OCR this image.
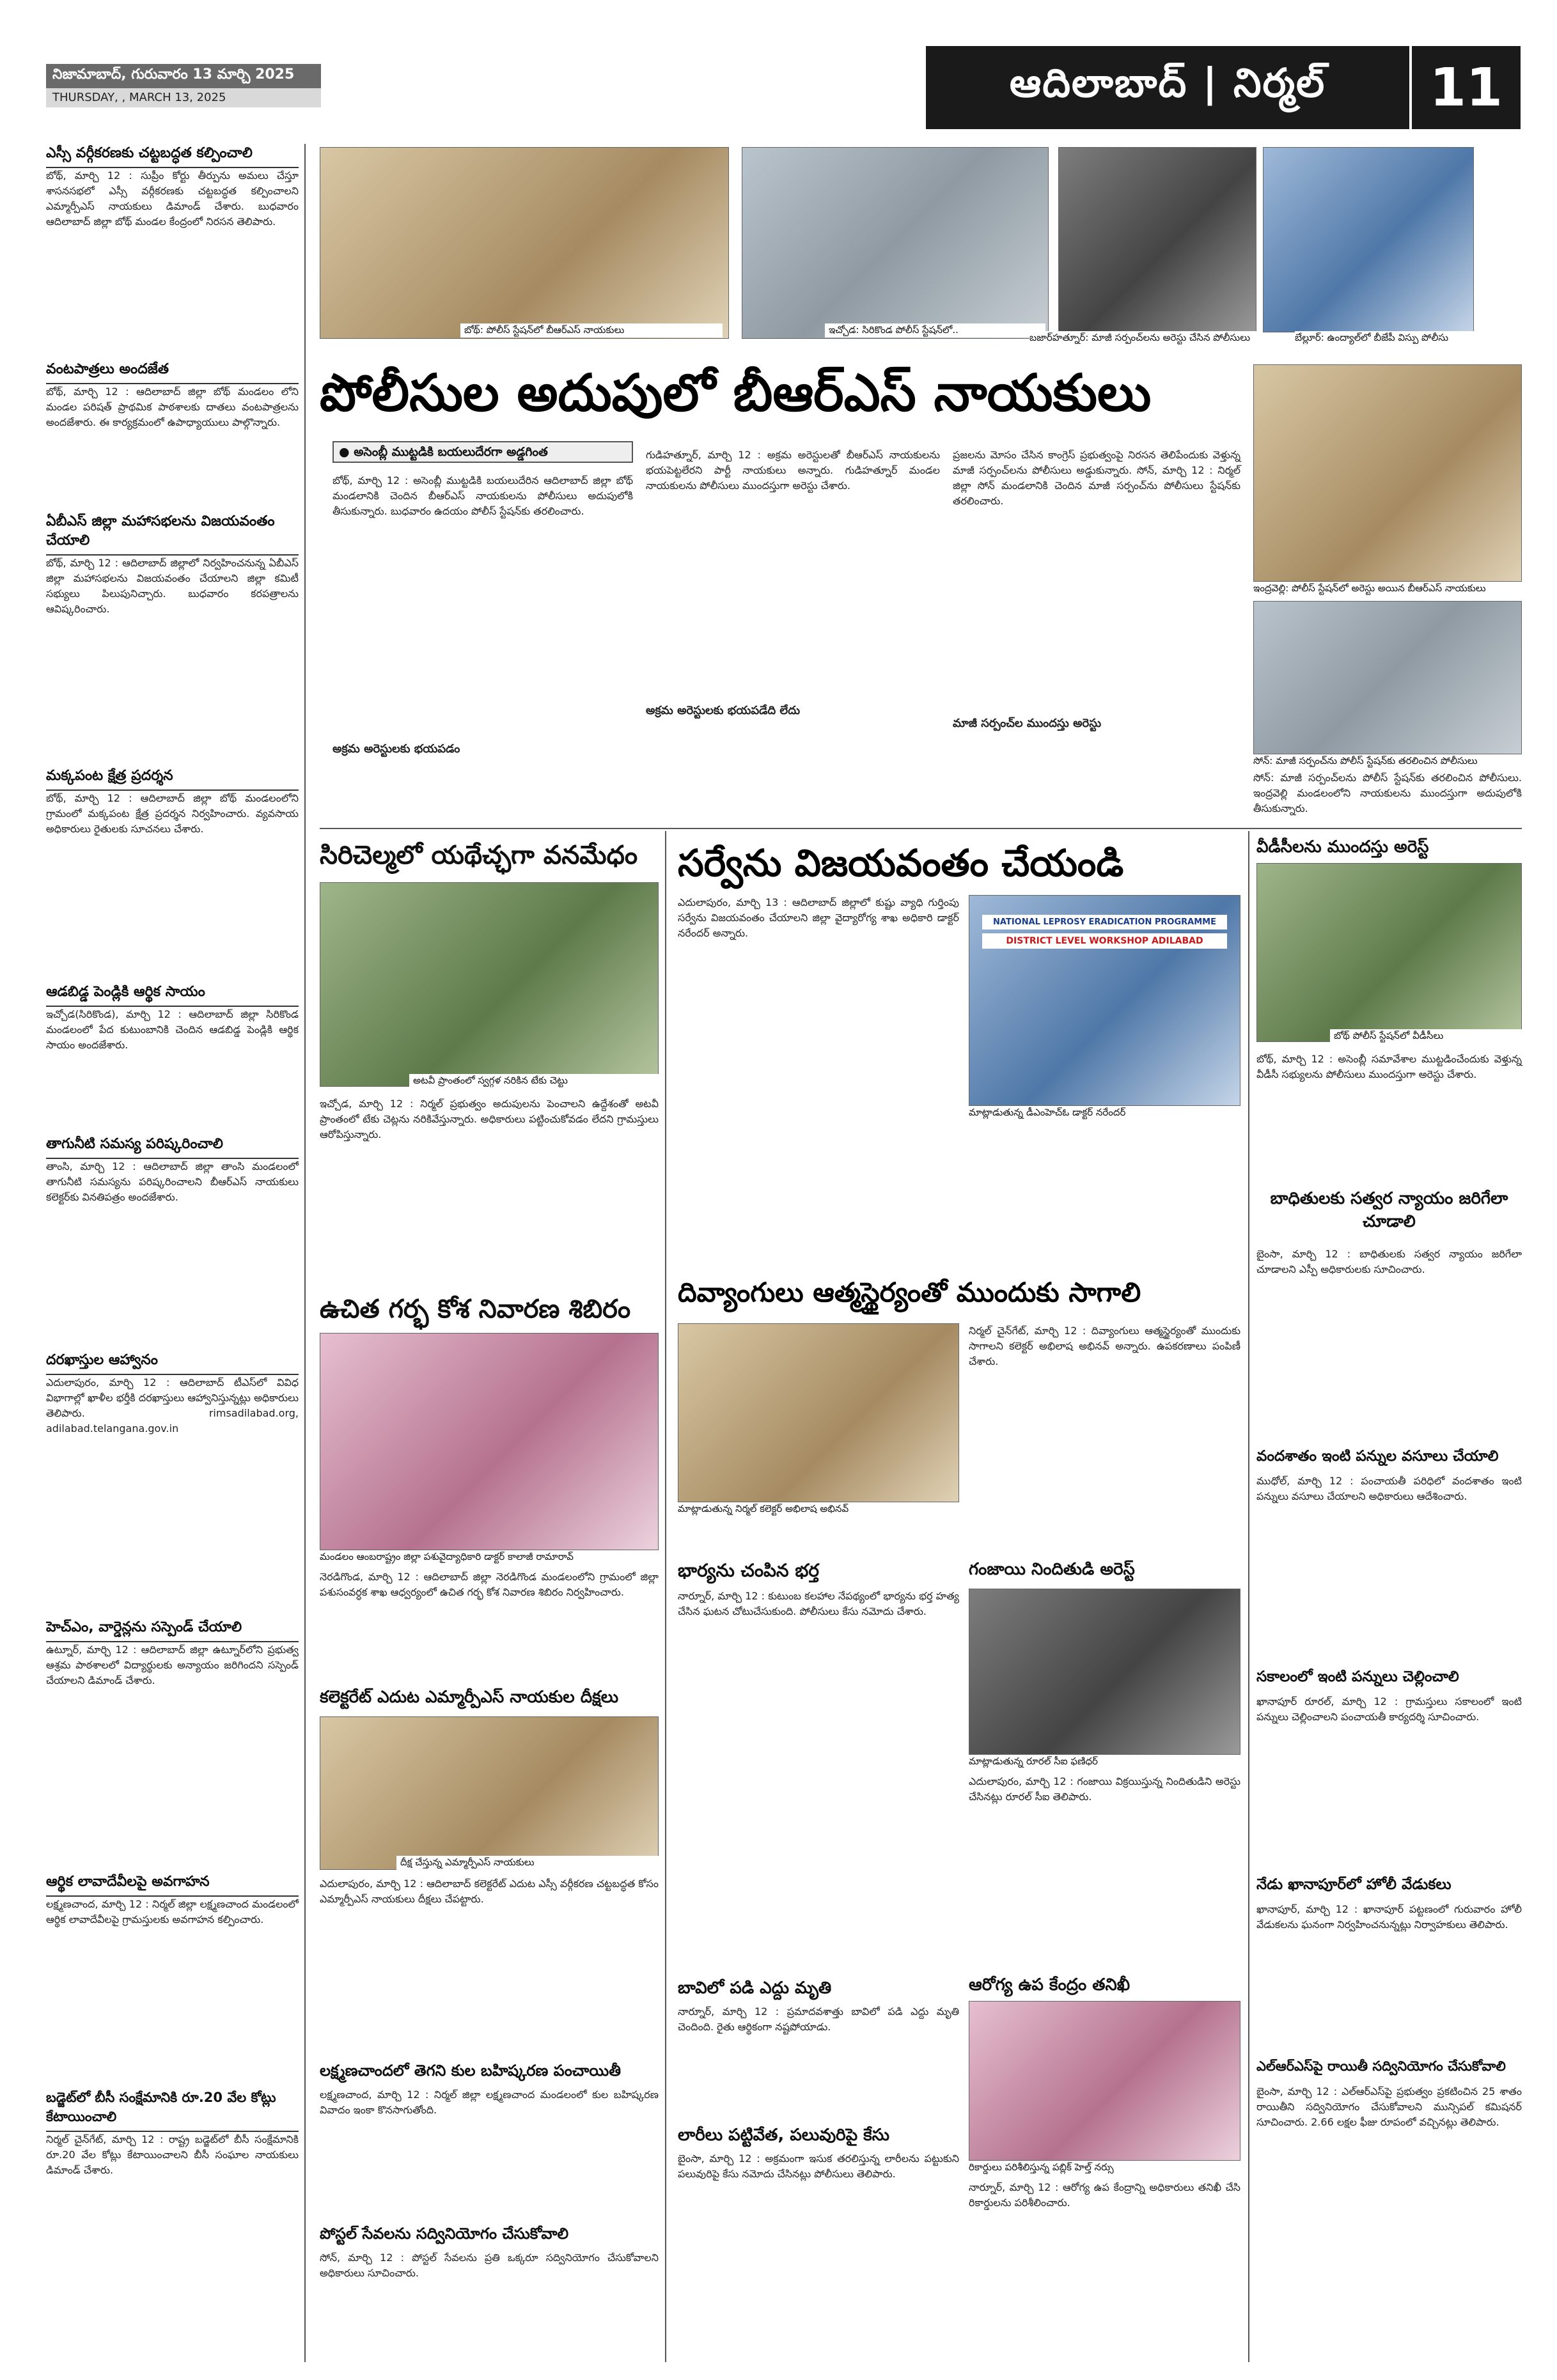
నిజామాబాద్, గురువారం 13 మార్చి 2025
THURSDAY, , MARCH 13, 2025	ఆదిలాబాద్ | నిర్మల్	11
ఎస్సీ వర్గీకరణకు చట్టబద్ధత కల్పించాలి
బోథ్, మార్చి 12 : సుప్రీం కోర్టు తీర్పును అమలు చేస్తూ శాసనసభలో ఎస్సీ వర్గీకరణకు చట్టబద్ధత కల్పించాలని ఎమ్మార్పీఎస్ నాయకులు డిమాండ్ చేశారు. బుధవారం ఆదిలాబాద్ జిల్లా బోథ్ మండల కేంద్రంలో నిరసన తెలిపారు.
వంటపాత్రలు అందజేత
బోథ్, మార్చి 12 : ఆదిలాబాద్ జిల్లా బోథ్ మండలం లోని మండల పరిషత్ ప్రాథమిక పాఠశాలకు దాతలు వంటపాత్రలను అందజేశారు. ఈ కార్యక్రమంలో ఉపాధ్యాయులు పాల్గొన్నారు.
ఏబీఎస్ జిల్లా మహాసభలను విజయవంతం చేయాలి
బోథ్, మార్చి 12 : ఆదిలాబాద్ జిల్లాలో నిర్వహించనున్న ఏబీఎస్ జిల్లా మహాసభలను విజయవంతం చేయాలని జిల్లా కమిటీ సభ్యులు పిలుపునిచ్చారు. బుధవారం కరపత్రాలను ఆవిష్కరించారు.
మక్కపంట క్షేత్ర ప్రదర్శన
బోథ్, మార్చి 12 : ఆదిలాబాద్ జిల్లా బోథ్ మండలంలోని గ్రామంలో మక్కపంట క్షేత్ర ప్రదర్శన నిర్వహించారు. వ్యవసాయ అధికారులు రైతులకు సూచనలు చేశారు.
ఆడబిడ్డ పెండ్లికి ఆర్థిక సాయం
ఇచ్చోడ(సిరికొండ), మార్చి 12 : ఆదిలాబాద్ జిల్లా సిరికొండ మండలంలో పేద కుటుంబానికి చెందిన ఆడబిడ్డ పెండ్లికి ఆర్థిక సాయం అందజేశారు.
తాగునీటి సమస్య పరిష్కరించాలి
తాంసి, మార్చి 12 : ఆదిలాబాద్ జిల్లా తాంసి మండలంలో తాగునీటి సమస్యను పరిష్కరించాలని బీఆర్ఎస్ నాయకులు కలెక్టర్‌కు వినతిపత్రం అందజేశారు.
దరఖాస్తుల ఆహ్వానం
ఎదులాపురం, మార్చి 12 : ఆదిలాబాద్ టీఎస్‌లో వివిధ విభాగాల్లో ఖాళీల భర్తీకి దరఖాస్తులు ఆహ్వానిస్తున్నట్లు అధికారులు తెలిపారు. rimsadilabad.org, adilabad.telangana.gov.in
హెచ్ఎం, వార్డెన్లను సస్పెండ్ చేయాలి
ఉట్నూర్, మార్చి 12 : ఆదిలాబాద్ జిల్లా ఉట్నూర్‌లోని ప్రభుత్వ ఆశ్రమ పాఠశాలలో విద్యార్థులకు అన్యాయం జరిగిందని సస్పెండ్ చేయాలని డిమాండ్ చేశారు.
ఆర్థిక లావాదేవీలపై అవగాహన
లక్ష్మణచాంద, మార్చి 12 : నిర్మల్ జిల్లా లక్ష్మణచాంద మండలంలో ఆర్థిక లావాదేవీలపై గ్రామస్తులకు అవగాహన కల్పించారు.
బడ్జెట్‌లో బీసీ సంక్షేమానికి రూ.20 వేల కోట్లు కేటాయించాలి
నిర్మల్ చైన్‌గేట్, మార్చి 12 : రాష్ట్ర బడ్జెట్‌లో బీసీ సంక్షేమానికి రూ.20 వేల కోట్లు కేటాయించాలని బీసీ సంఘాల నాయకులు డిమాండ్ చేశారు.
బోథ్: పోలీస్ స్టేషన్‌లో బీఆర్ఎస్ నాయకులు	ఇచ్చోడ: సిరికొండ పోలీస్ స్టేషన్‌లో..
బజార్‌హత్నూర్: మాజీ సర్పంచ్‌లను అరెస్టు చేసిన పోలీసులు	బేల్లూర్: ఉంద్యాల్‌లో బీజేపీ విస్పు పోలీసు
పోలీసుల అదుపులో బీఆర్ఎస్ నాయకులు
● అసెంబ్లీ ముట్టడికి బయలుదేరగా అడ్డగింత
బోథ్, మార్చి 12 : అసెంబ్లీ ముట్టడికి బయలుదేరిన ఆదిలాబాద్ జిల్లా బోథ్ మండలానికి చెందిన బీఆర్ఎస్ నాయకులను పోలీసులు అదుపులోకి తీసుకున్నారు. బుధవారం ఉదయం పోలీస్ స్టేషన్‌కు తరలించారు.
అక్రమ అరెస్టులకు భయపడం
గుడిహత్నూర్, మార్చి 12 : అక్రమ అరెస్టులతో బీఆర్ఎస్ నాయకులను భయపెట్టలేరని పార్టీ నాయకులు అన్నారు. గుడిహత్నూర్ మండల నాయకులను పోలీసులు ముందస్తుగా అరెస్టు చేశారు.
అక్రమ అరెస్టులకు భయపడేది లేదు
ప్రజలను మోసం చేసిన కాంగ్రెస్ ప్రభుత్వంపై నిరసన తెలిపేందుకు వెళ్తున్న మాజీ సర్పంచ్‌లను పోలీసులు అడ్డుకున్నారు. సోన్, మార్చి 12 : నిర్మల్ జిల్లా సోన్ మండలానికి చెందిన మాజీ సర్పంచ్‌ను పోలీసులు స్టేషన్‌కు తరలించారు.
మాజీ సర్పంచ్‌ల ముందస్తు అరెస్టు
ఇంద్రవెల్లి: పోలీస్ స్టేషన్‌లో అరెస్టు అయిన బీఆర్ఎస్ నాయకులు
సోన్: మాజీ సర్పంచ్‌ను పోలీస్ స్టేషన్‌కు తరలించిన పోలీసులు
సోన్: మాజీ సర్పంచ్‌లను పోలీస్ స్టేషన్‌కు తరలించిన పోలీసులు. ఇంద్రవెల్లి మండలంలోని నాయకులను ముందస్తుగా అదుపులోకి తీసుకున్నారు.
సిరిచెల్మలో యథేచ్ఛగా వనమేధం
అటవీ ప్రాంతంలో స్వగ్గళ నరికిన టేకు చెట్టు
ఇచ్చోడ, మార్చి 12 : నిర్మల్ ప్రభుత్వం అదుపులను పెంచాలని ఉద్దేశంతో అటవీ ప్రాంతంలో టేకు చెట్లను నరికివేస్తున్నారు. అధికారులు పట్టించుకోవడం లేదని గ్రామస్తులు ఆరోపిస్తున్నారు.
ఉచిత గర్భ కోశ నివారణ శిబిరం
మండలం ఆంబరాష్ట్రం జిల్లా పశువైద్యాధికారి డాక్టర్ కాలాజీ రామారావ్
నెరడిగొండ, మార్చి 12 : ఆదిలాబాద్ జిల్లా నెరడిగొండ మండలంలోని గ్రామంలో జిల్లా పశుసంవర్ధక శాఖ ఆధ్వర్యంలో ఉచిత గర్భ కోశ నివారణ శిబిరం నిర్వహించారు.
కలెక్టరేట్ ఎదుట ఎమ్మార్పీఎస్ నాయకుల దీక్షలు
దీక్ష చేస్తున్న ఎమ్మార్పీఎస్ నాయకులు
ఎదులాపురం, మార్చి 12 : ఆదిలాబాద్ కలెక్టరేట్ ఎదుట ఎస్సీ వర్గీకరణ చట్టబద్ధత కోసం ఎమ్మార్పీఎస్ నాయకులు దీక్షలు చేపట్టారు.
లక్ష్మణచాందలో తెగని కుల బహిష్కరణ పంచాయితీ
లక్ష్మణచాంద, మార్చి 12 : నిర్మల్ జిల్లా లక్ష్మణచాంద మండలంలో కుల బహిష్కరణ వివాదం ఇంకా కొనసాగుతోంది.
పోస్టల్ సేవలను సద్వినియోగం చేసుకోవాలి
సోన్, మార్చి 12 : పోస్టల్ సేవలను ప్రతి ఒక్కరూ సద్వినియోగం చేసుకోవాలని అధికారులు సూచించారు.
సర్వేను విజయవంతం చేయండి
ఎదులాపురం, మార్చి 13 : ఆదిలాబాద్ జిల్లాలో కుష్టు వ్యాధి గుర్తింపు సర్వేను విజయవంతం చేయాలని జిల్లా వైద్యారోగ్య శాఖ అధికారి డాక్టర్ నరేందర్ అన్నారు.
NATIONAL LEPROSY ERADICATION PROGRAMME
DISTRICT LEVEL WORKSHOP ADILABAD
మాట్లాడుతున్న డీఎంహెచ్ఓ డాక్టర్ నరేందర్
దివ్యాంగులు ఆత్మస్థైర్యంతో ముందుకు సాగాలి
మాట్లాడుతున్న నిర్మల్ కలెక్టర్ అభిలాష అభినవ్
నిర్మల్ చైన్‌గేట్, మార్చి 12 : దివ్యాంగులు ఆత్మస్థైర్యంతో ముందుకు సాగాలని కలెక్టర్ అభిలాష అభినవ్ అన్నారు. ఉపకరణాలు పంపిణీ చేశారు.
భార్యను చంపిన భర్త
నార్నూర్, మార్చి 12 : కుటుంబ కలహాల నేపథ్యంలో భార్యను భర్త హత్య చేసిన ఘటన చోటుచేసుకుంది. పోలీసులు కేసు నమోదు చేశారు.
బావిలో పడి ఎద్దు మృతి
నార్నూర్, మార్చి 12 : ప్రమాదవశాత్తు బావిలో పడి ఎద్దు మృతి చెందింది. రైతు ఆర్థికంగా నష్టపోయాడు.
లారీలు పట్టివేత, పలువురిపై కేసు
బైంసా, మార్చి 12 : అక్రమంగా ఇసుక తరలిస్తున్న లారీలను పట్టుకుని పలువురిపై కేసు నమోదు చేసినట్లు పోలీసులు తెలిపారు.
గంజాయి నిందితుడి అరెస్ట్
మాట్లాడుతున్న రూరల్ సీఐ ఫణిధర్
ఎదులాపురం, మార్చి 12 : గంజాయి విక్రయిస్తున్న నిందితుడిని అరెస్టు చేసినట్లు రూరల్ సీఐ తెలిపారు.
ఆరోగ్య ఉప కేంద్రం తనిఖీ
రికార్డులు పరిశీలిస్తున్న పబ్లిక్ హెల్త్ నర్సు
నార్నూర్, మార్చి 12 : ఆరోగ్య ఉప కేంద్రాన్ని అధికారులు తనిఖీ చేసి రికార్డులను పరిశీలించారు.
వీడీసీలను ముందస్తు అరెస్ట్
బోథ్ పోలీస్ స్టేషన్‌లో వీడీసీలు
బోథ్, మార్చి 12 : అసెంబ్లీ సమావేశాల ముట్టడించేందుకు వెళ్తున్న వీడీసీ సభ్యులను పోలీసులు ముందస్తుగా అరెస్టు చేశారు.
బాధితులకు సత్వర న్యాయం జరిగేలా చూడాలి
బైంసా, మార్చి 12 : బాధితులకు సత్వర న్యాయం జరిగేలా చూడాలని ఎస్పీ అధికారులకు సూచించారు.
వందశాతం ఇంటి పన్నుల వసూలు చేయాలి
ముధోల్, మార్చి 12 : పంచాయతీ పరిధిలో వందశాతం ఇంటి పన్నులు వసూలు చేయాలని అధికారులు ఆదేశించారు.
సకాలంలో ఇంటి పన్నులు చెల్లించాలి
ఖానాపూర్ రూరల్, మార్చి 12 : గ్రామస్తులు సకాలంలో ఇంటి పన్నులు చెల్లించాలని పంచాయతీ కార్యదర్శి సూచించారు.
నేడు ఖానాపూర్‌లో హోలీ వేడుకలు
ఖానాపూర్, మార్చి 12 : ఖానాపూర్ పట్టణంలో గురువారం హోలీ వేడుకలను ఘనంగా నిర్వహించనున్నట్లు నిర్వాహకులు తెలిపారు.
ఎల్ఆర్ఎస్‌పై రాయితీ సద్వినియోగం చేసుకోవాలి
బైంసా, మార్చి 12 : ఎల్ఆర్ఎస్‌పై ప్రభుత్వం ప్రకటించిన 25 శాతం రాయితీని సద్వినియోగం చేసుకోవాలని మున్సిపల్ కమిషనర్ సూచించారు. 2.66 లక్షల ఫీజు రూపంలో వచ్చినట్లు తెలిపారు.
